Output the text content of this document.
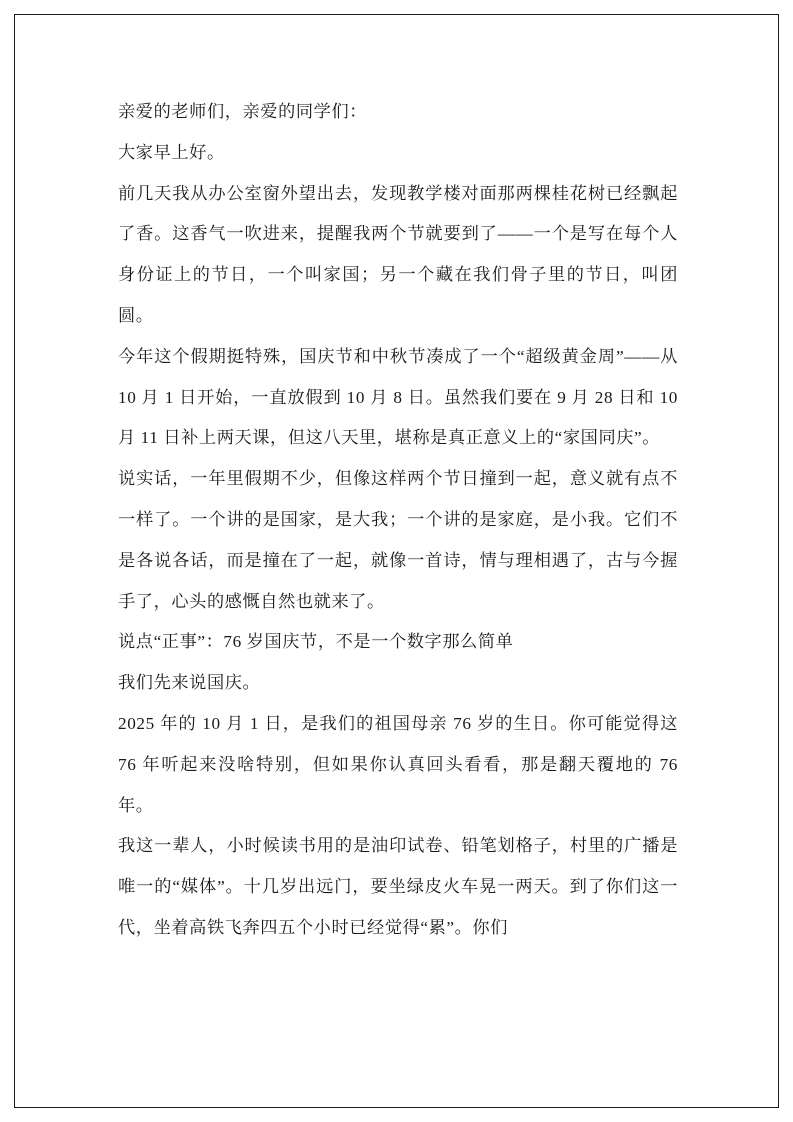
亲爱的老师们，亲爱的同学们：

大家早上好。

前几天我从办公室窗外望出去，发现教学楼对面那两棵桂花树已经飘起了香。这香气一吹进来，提醒我两个节就要到了——一个是写在每个人身份证上的节日，一个叫家国；另一个藏在我们骨子里的节日，叫团圆。

今年这个假期挺特殊，国庆节和中秋节凑成了一个“超级黄金周”——从 10 月 1 日开始，一直放假到 10 月 8 日。虽然我们要在 9 月 28 日和 10 月 11 日补上两天课，但这八天里，堪称是真正意义上的“家国同庆”。

说实话，一年里假期不少，但像这样两个节日撞到一起，意义就有点不一样了。一个讲的是国家，是大我；一个讲的是家庭，是小我。它们不是各说各话，而是撞在了一起，就像一首诗，情与理相遇了，古与今握手了，心头的感慨自然也就来了。

说点“正事”：76 岁国庆节，不是一个数字那么简单

我们先来说国庆。

2025 年的 10 月 1 日，是我们的祖国母亲 76 岁的生日。你可能觉得这 76 年听起来没啥特别，但如果你认真回头看看，那是翻天覆地的 76 年。

我这一辈人，小时候读书用的是油印试卷、铅笔划格子，村里的广播是唯一的“媒体”。十几岁出远门，要坐绿皮火车晃一两天。到了你们这一代，坐着高铁飞奔四五个小时已经觉得“累”。你们
